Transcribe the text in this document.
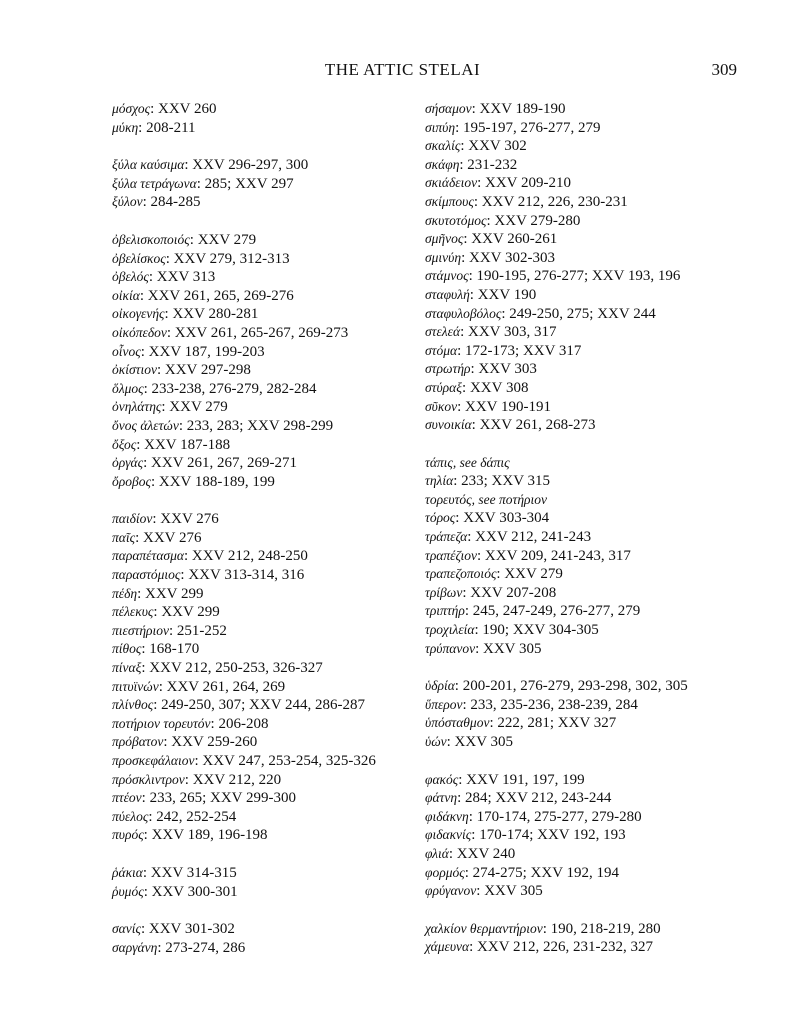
THE ATTIC STELAI	309
μόσχος: XXV 260
μύκη: 208-211
ξύλα καύσιμα: XXV 296-297, 300
ξύλα τετράγωνα: 285; XXV 297
ξύλον: 284-285
ὀβελισκοποιός: XXV 279
ὀβελίσκος: XXV 279, 312-313
ὀβελός: XXV 313
οἰκία: XXV 261, 265, 269-276
οἰκογενής: XXV 280-281
οἰκόπεδον: XXV 261, 265-267, 269-273
οἶνος: XXV 187, 199-203
ὀκίστιον: XXV 297-298
ὅλμος: 233-238, 276-279, 282-284
ὀνηλάτης: XXV 279
ὄνος ἀλετών: 233, 283; XXV 298-299
ὄξος: XXV 187-188
ὀργάς: XXV 261, 267, 269-271
ὄροβος: XXV 188-189, 199
παιδίον: XXV 276
παῖς: XXV 276
παραπέτασμα: XXV 212, 248-250
παραστόμιος: XXV 313-314, 316
πέδη: XXV 299
πέλεκυς: XXV 299
πιεστήριον: 251-252
πίθος: 168-170
πίναξ: XXV 212, 250-253, 326-327
πιτυϊνών: XXV 261, 264, 269
πλίνθος: 249-250, 307; XXV 244, 286-287
ποτήριον τορευτόν: 206-208
πρόβατον: XXV 259-260
προσκεφάλαιον: XXV 247, 253-254, 325-326
πρόσκλιντρον: XXV 212, 220
πτέον: 233, 265; XXV 299-300
πύελος: 242, 252-254
πυρός: XXV 189, 196-198
ῥάκια: XXV 314-315
ῥυμός: XXV 300-301
σανίς: XXV 301-302
σαργάνη: 273-274, 286
σήσαμον: XXV 189-190
σιπύη: 195-197, 276-277, 279
σκαλίς: XXV 302
σκάφη: 231-232
σκιάδειον: XXV 209-210
σκίμπους: XXV 212, 226, 230-231
σκυτοτόμος: XXV 279-280
σμῆνος: XXV 260-261
σμινύη: XXV 302-303
στάμνος: 190-195, 276-277; XXV 193, 196
σταφυλή: XXV 190
σταφυλοβόλος: 249-250, 275; XXV 244
στελεά: XXV 303, 317
στόμα: 172-173; XXV 317
στρωτήρ: XXV 303
στύραξ: XXV 308
σῦκον: XXV 190-191
συνοικία: XXV 261, 268-273
τάπις, see δάπις
τηλία: 233; XXV 315
τορευτός, see ποτήριον
τόρος: XXV 303-304
τράπεζα: XXV 212, 241-243
τραπέζιον: XXV 209, 241-243, 317
τραπεζοποιός: XXV 279
τρίβων: XXV 207-208
τριπτήρ: 245, 247-249, 276-277, 279
τροχιλεία: 190; XXV 304-305
τρύπανον: XXV 305
ὑδρία: 200-201, 276-279, 293-298, 302, 305
ὕπερον: 233, 235-236, 238-239, 284
ὑπόσταθμον: 222, 281; XXV 327
ὑών: XXV 305
φακός: XXV 191, 197, 199
φάτνη: 284; XXV 212, 243-244
φιδάκνη: 170-174, 275-277, 279-280
φιδακνίς: 170-174; XXV 192, 193
φλιά: XXV 240
φορμός: 274-275; XXV 192, 194
φρύγανον: XXV 305
χαλκίον θερμαντήριον: 190, 218-219, 280
χάμευνα: XXV 212, 226, 231-232, 327
